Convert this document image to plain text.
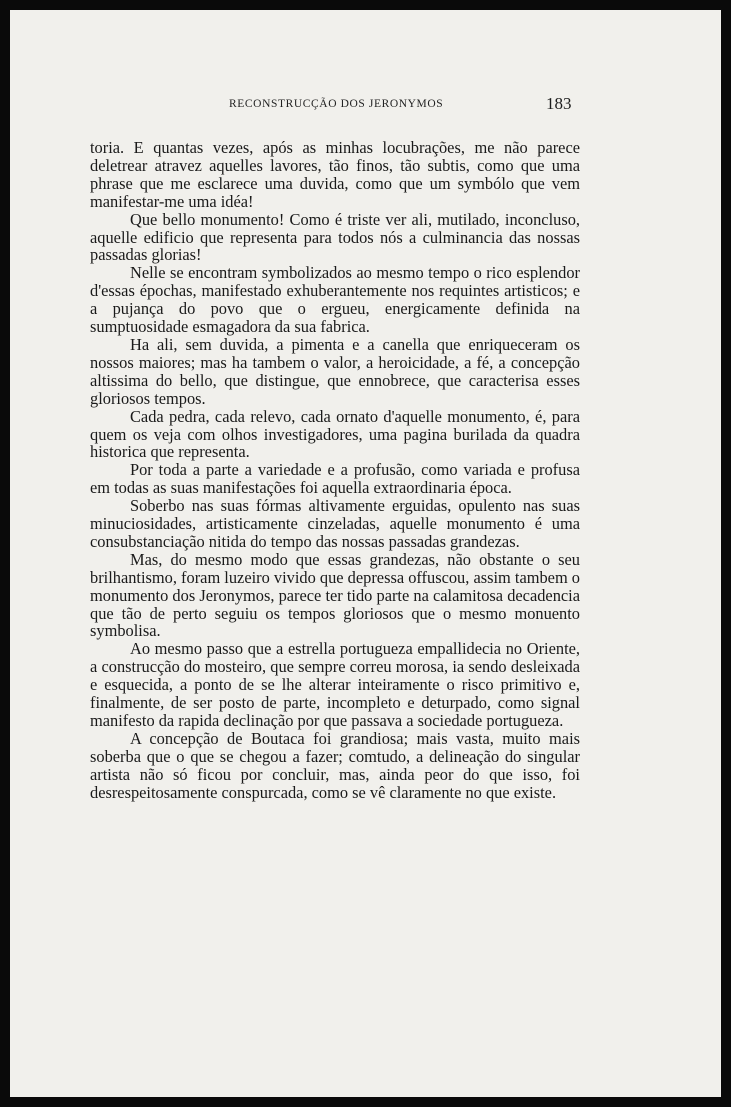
RECONSTRUCÇÃO DOS JERONYMOS	183

toria. E quantas vezes, após as minhas locubrações, me não parece deletrear atravez aquelles lavores, tão finos, tão subtis, como que uma phrase que me esclarece uma duvida, como que um symbólo que vem manifestar-me uma idéa!

Que bello monumento! Como é triste ver ali, mutilado, inconcluso, aquelle edificio que representa para todos nós a culminancia das nossas passadas glorias!

Nelle se encontram symbolizados ao mesmo tempo o rico esplendor d'essas épochas, manifestado exhuberantemente nos requintes artisticos; e a pujança do povo que o ergueu, energicamente definida na sumptuosidade esmagadora da sua fabrica.

Ha ali, sem duvida, a pimenta e a canella que enriqueceram os nossos maiores; mas ha tambem o valor, a heroicidade, a fé, a concepção altissima do bello, que distingue, que ennobrece, que caracterisa esses gloriosos tempos.

Cada pedra, cada relevo, cada ornato d'aquelle monumento, é, para quem os veja com olhos investigadores, uma pagina burilada da quadra historica que representa.

Por toda a parte a variedade e a profusão, como variada e profusa em todas as suas manifestações foi aquella extraordinaria época.

Soberbo nas suas fórmas altivamente erguidas, opulento nas suas minuciosidades, artisticamente cinzeladas, aquelle monumento é uma consubstanciação nitida do tempo das nossas passadas grandezas.

Mas, do mesmo modo que essas grandezas, não obstante o seu brilhantismo, foram luzeiro vivido que depressa offuscou, assim tambem o monumento dos Jeronymos, parece ter tido parte na calamitosa decadencia que tão de perto seguiu os tempos gloriosos que o mesmo monuento symbolisa.

Ao mesmo passo que a estrella portugueza empallidecia no Oriente, a construcção do mosteiro, que sempre correu morosa, ia sendo desleixada e esquecida, a ponto de se lhe alterar inteiramente o risco primitivo e, finalmente, de ser posto de parte, incompleto e deturpado, como signal manifesto da rapida declinação por que passava a sociedade portugueza.

A concepção de Boutaca foi grandiosa; mais vasta, muito mais soberba que o que se chegou a fazer; comtudo, a delineação do singular artista não só ficou por concluir, mas, ainda peor do que isso, foi desrespeitosamente conspurcada, como se vê claramente no que existe.
